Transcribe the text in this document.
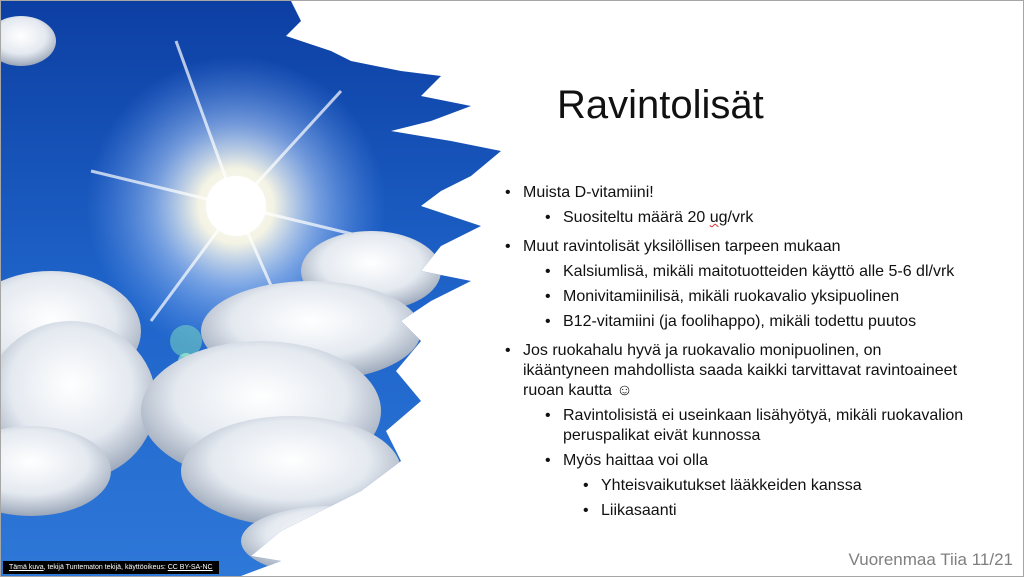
Ravintolisät
• Muista D-vitamiini!
• Suositeltu määrä 20 ug/vrk
• Muut ravintolisät yksilöllisen tarpeen mukaan
• Kalsiumlisä, mikäli maitotuotteiden käyttö alle 5-6 dl/vrk
• Monivitamiinilisä, mikäli ruokavalio yksipuolinen
• B12-vitamiini (ja foolihappo), mikäli todettu puutos
• Jos ruokahalu hyvä ja ruokavalio monipuolinen, on ikääntyneen mahdollista saada kaikki tarvittavat ravintoaineet ruoan kautta ☺
• Ravintolisistä ei useinkaan lisähyötyä, mikäli ruokavalion peruspalikat eivät kunnossa
• Myös haittaa voi olla
• Yhteisvaikutukset lääkkeiden kanssa
• Liikasaanti
Vuorenmaa Tiia 11/21
Tämä kuva, tekijä Tuntematon tekijä, käyttöoikeus: CC BY-SA-NC
